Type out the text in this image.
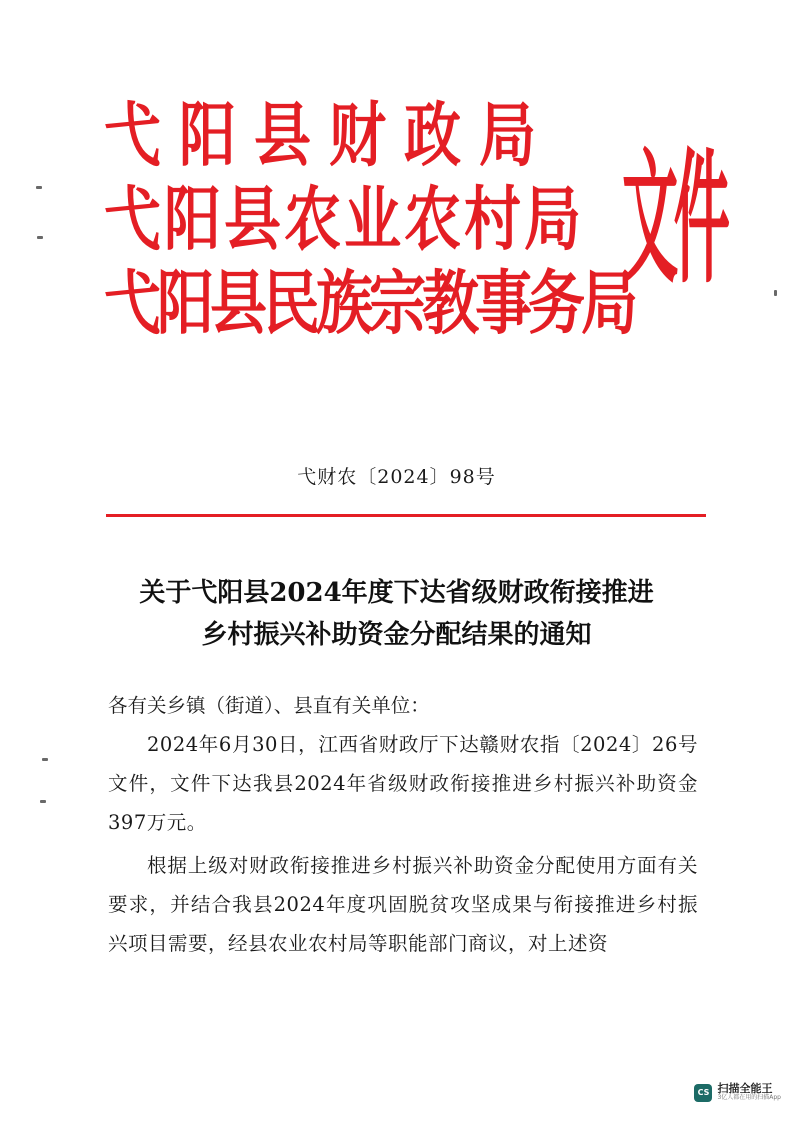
弋阳县财政局
弋阳县农业农村局
弋阳县民族宗教事务局
文件
弋财农〔2024〕98号
关于弋阳县2024年度下达省级财政衔接推进
乡村振兴补助资金分配结果的通知

各有关乡镇（街道）、县直有关单位：

2024年6月30日，江西省财政厅下达赣财农指〔2024〕26号文件，文件下达我县2024年省级财政衔接推进乡村振兴补助资金397万元。

根据上级对财政衔接推进乡村振兴补助资金分配使用方面有关要求，并结合我县2024年度巩固脱贫攻坚成果与衔接推进乡村振兴项目需要，经县农业农村局等职能部门商议，对上述资

CS 扫描全能王
3亿人都在用的扫描App
